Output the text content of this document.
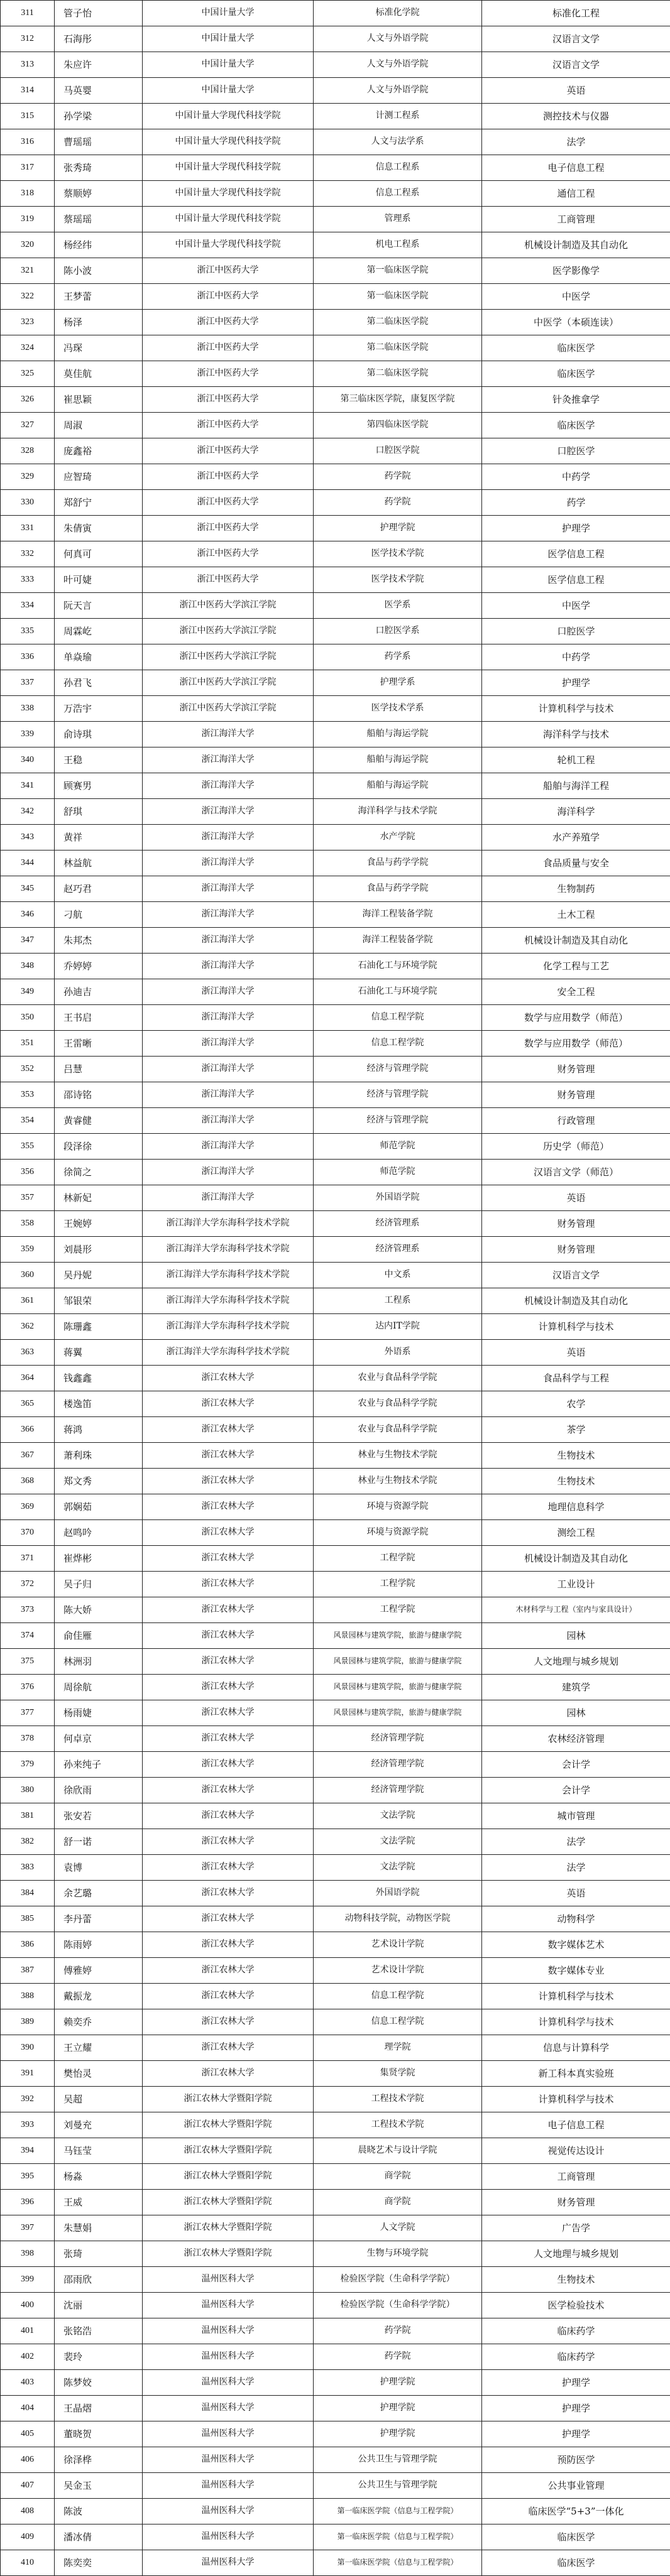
311	管子怡	中国计量大学	标准化学院	标准化工程
312	石海彤	中国计量大学	人文与外语学院	汉语言文学
313	朱应许	中国计量大学	人文与外语学院	汉语言文学
314	马英婴	中国计量大学	人文与外语学院	英语
315	孙学梁	中国计量大学现代科技学院	计测工程系	测控技术与仪器
316	曹瑶瑶	中国计量大学现代科技学院	人文与法学系	法学
317	张秀琦	中国计量大学现代科技学院	信息工程系	电子信息工程
318	蔡顺婷	中国计量大学现代科技学院	信息工程系	通信工程
319	蔡瑶瑶	中国计量大学现代科技学院	管理系	工商管理
320	杨经纬	中国计量大学现代科技学院	机电工程系	机械设计制造及其自动化
321	陈小波	浙江中医药大学	第一临床医学院	医学影像学
322	王梦蕾	浙江中医药大学	第一临床医学院	中医学
323	杨泽	浙江中医药大学	第二临床医学院	中医学（本硕连读）
324	冯琛	浙江中医药大学	第二临床医学院	临床医学
325	莫佳航	浙江中医药大学	第二临床医学院	临床医学
326	崔思颖	浙江中医药大学	第三临床医学院，康复医学院	针灸推拿学
327	周淑	浙江中医药大学	第四临床医学院	临床医学
328	庞鑫裕	浙江中医药大学	口腔医学院	口腔医学
329	应智琦	浙江中医药大学	药学院	中药学
330	郑舒宁	浙江中医药大学	药学院	药学
331	朱倩寅	浙江中医药大学	护理学院	护理学
332	何真可	浙江中医药大学	医学技术学院	医学信息工程
333	叶可婕	浙江中医药大学	医学技术学院	医学信息工程
334	阮天言	浙江中医药大学滨江学院	医学系	中医学
335	周霖屹	浙江中医药大学滨江学院	口腔医学系	口腔医学
336	单焱瑜	浙江中医药大学滨江学院	药学系	中药学
337	孙君飞	浙江中医药大学滨江学院	护理学系	护理学
338	万浩宇	浙江中医药大学滨江学院	医学技术学系	计算机科学与技术
339	俞诗琪	浙江海洋大学	船舶与海运学院	海洋科学与技术
340	王稳	浙江海洋大学	船舶与海运学院	轮机工程
341	顾赛男	浙江海洋大学	船舶与海运学院	船舶与海洋工程
342	舒琪	浙江海洋大学	海洋科学与技术学院	海洋科学
343	黄祥	浙江海洋大学	水产学院	水产养殖学
344	林益航	浙江海洋大学	食品与药学学院	食品质量与安全
345	赵巧君	浙江海洋大学	食品与药学学院	生物制药
346	刁航	浙江海洋大学	海洋工程装备学院	土木工程
347	朱邦杰	浙江海洋大学	海洋工程装备学院	机械设计制造及其自动化
348	乔婷婷	浙江海洋大学	石油化工与环境学院	化学工程与工艺
349	孙迪吉	浙江海洋大学	石油化工与环境学院	安全工程
350	王书启	浙江海洋大学	信息工程学院	数学与应用数学（师范）
351	王雷晰	浙江海洋大学	信息工程学院	数学与应用数学（师范）
352	吕慧	浙江海洋大学	经济与管理学院	财务管理
353	邵诗铭	浙江海洋大学	经济与管理学院	财务管理
354	黄睿健	浙江海洋大学	经济与管理学院	行政管理
355	段泽徐	浙江海洋大学	师范学院	历史学（师范）
356	徐简之	浙江海洋大学	师范学院	汉语言文学（师范）
357	林新妃	浙江海洋大学	外国语学院	英语
358	王婉婷	浙江海洋大学东海科学技术学院	经济管理系	财务管理
359	刘晨形	浙江海洋大学东海科学技术学院	经济管理系	财务管理
360	吴丹妮	浙江海洋大学东海科学技术学院	中文系	汉语言文学
361	邹银荣	浙江海洋大学东海科学技术学院	工程系	机械设计制造及其自动化
362	陈珊鑫	浙江海洋大学东海科学技术学院	达内IT学院	计算机科学与技术
363	蒋翼	浙江海洋大学东海科学技术学院	外语系	英语
364	钱鑫鑫	浙江农林大学	农业与食品科学学院	食品科学与工程
365	楼逸笛	浙江农林大学	农业与食品科学学院	农学
366	蒋鸿	浙江农林大学	农业与食品科学学院	茶学
367	萧利珠	浙江农林大学	林业与生物技术学院	生物技术
368	郑文秀	浙江农林大学	林业与生物技术学院	生物技术
369	郭娴茹	浙江农林大学	环境与资源学院	地理信息科学
370	赵鸣吟	浙江农林大学	环境与资源学院	测绘工程
371	崔烨彬	浙江农林大学	工程学院	机械设计制造及其自动化
372	吴子归	浙江农林大学	工程学院	工业设计
373	陈大娇	浙江农林大学	工程学院	木材科学与工程（室内与家具设计）
374	俞佳雁	浙江农林大学	风景园林与建筑学院，旅游与健康学院	园林
375	林洲羽	浙江农林大学	风景园林与建筑学院，旅游与健康学院	人文地理与城乡规划
376	周徐航	浙江农林大学	风景园林与建筑学院，旅游与健康学院	建筑学
377	杨雨婕	浙江农林大学	风景园林与建筑学院，旅游与健康学院	园林
378	何卓京	浙江农林大学	经济管理学院	农林经济管理
379	孙来纯子	浙江农林大学	经济管理学院	会计学
380	徐欣雨	浙江农林大学	经济管理学院	会计学
381	张安若	浙江农林大学	文法学院	城市管理
382	舒一诺	浙江农林大学	文法学院	法学
383	袁博	浙江农林大学	文法学院	法学
384	余艺璐	浙江农林大学	外国语学院	英语
385	李丹蕾	浙江农林大学	动物科技学院，动物医学院	动物科学
386	陈雨婷	浙江农林大学	艺术设计学院	数字媒体艺术
387	傅雅婷	浙江农林大学	艺术设计学院	数字媒体专业
388	戴振龙	浙江农林大学	信息工程学院	计算机科学与技术
389	赖奕乔	浙江农林大学	信息工程学院	计算机科学与技术
390	王立耀	浙江农林大学	理学院	信息与计算科学
391	樊怡灵	浙江农林大学	集贤学院	新工科本真实验班
392	吴超	浙江农林大学暨阳学院	工程技术学院	计算机科学与技术
393	刘曼充	浙江农林大学暨阳学院	工程技术学院	电子信息工程
394	马钰莹	浙江农林大学暨阳学院	晨晓艺术与设计学院	视觉传达设计
395	杨淼	浙江农林大学暨阳学院	商学院	工商管理
396	王威	浙江农林大学暨阳学院	商学院	财务管理
397	朱慧娟	浙江农林大学暨阳学院	人文学院	广告学
398	张琦	浙江农林大学暨阳学院	生物与环境学院	人文地理与城乡规划
399	邵雨欣	温州医科大学	检验医学院（生命科学学院）	生物技术
400	沈丽	温州医科大学	检验医学院（生命科学学院）	医学检验技术
401	张铭浩	温州医科大学	药学院	临床药学
402	裴玲	温州医科大学	药学院	临床药学
403	陈梦姣	温州医科大学	护理学院	护理学
404	王晶熠	温州医科大学	护理学院	护理学
405	董晓贺	温州医科大学	护理学院	护理学
406	徐泽桦	温州医科大学	公共卫生与管理学院	预防医学
407	吴金玉	温州医科大学	公共卫生与管理学院	公共事业管理
408	陈波	温州医科大学	第一临床医学院（信息与工程学院）	临床医学“5+3”一体化
409	潘冰倩	温州医科大学	第一临床医学院（信息与工程学院）	临床医学
410	陈奕奕	温州医科大学	第一临床医学院（信息与工程学院）	临床医学
